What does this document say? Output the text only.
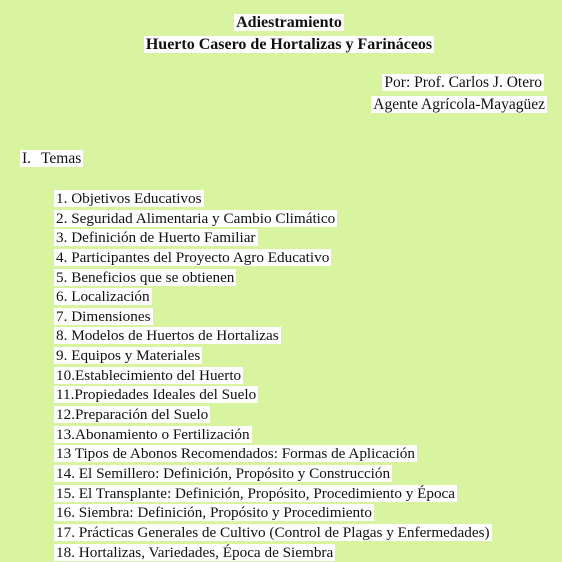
Adiestramiento
Huerto Casero de Hortalizas y Farináceos
Por: Prof. Carlos J. Otero
Agente Agrícola-Mayagüez
I. Temas
1. Objetivos Educativos
2. Seguridad Alimentaria y Cambio Climático
3. Definición de Huerto Familiar
4. Participantes del Proyecto Agro Educativo
5. Beneficios que se obtienen
6. Localización
7. Dimensiones
8. Modelos de Huertos de Hortalizas
9. Equipos y Materiales
10.Establecimiento del Huerto
11.Propiedades Ideales del Suelo
12.Preparación del Suelo
13.Abonamiento o Fertilización
13 Tipos de Abonos Recomendados: Formas de Aplicación
14. El Semillero: Definición, Propósito y Construcción
15. El Transplante: Definición, Propósito, Procedimiento y Época
16. Siembra: Definición, Propósito y Procedimiento
17. Prácticas Generales de Cultivo (Control de Plagas y Enfermedades)
18. Hortalizas, Variedades, Época de Siembra
